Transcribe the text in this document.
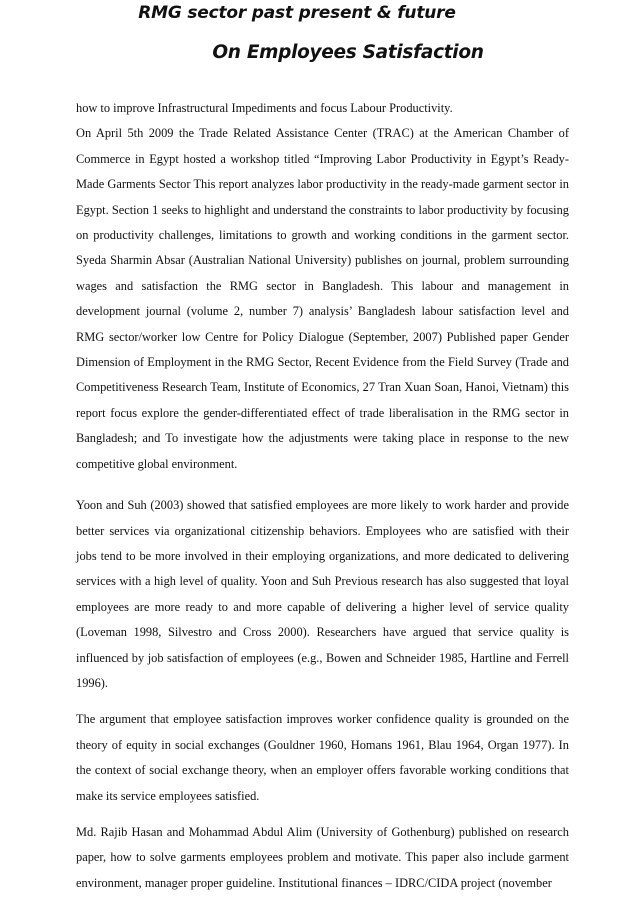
RMG sector past present & future
On Employees Satisfaction

how to improve Infrastructural Impediments and focus Labour Productivity.

On April 5th 2009 the Trade Related Assistance Center (TRAC) at the American Chamber of Commerce in Egypt hosted a workshop titled “Improving Labor Productivity in Egypt’s Ready-Made Garments Sector This report analyzes labor productivity in the ready-made garment sector in Egypt. Section 1 seeks to highlight and understand the constraints to labor productivity by focusing on productivity challenges, limitations to growth and working conditions in the garment sector. Syeda Sharmin Absar (Australian National University) publishes on journal, problem surrounding wages and satisfaction the RMG sector in Bangladesh. This labour and management in development journal (volume 2, number 7) analysis’ Bangladesh labour satisfaction level and RMG sector/worker low Centre for Policy Dialogue (September, 2007) Published paper Gender Dimension of Employment in the RMG Sector, Recent Evidence from the Field Survey (Trade and Competitiveness Research Team, Institute of Economics, 27 Tran Xuan Soan, Hanoi, Vietnam) this report focus explore the gender-differentiated effect of trade liberalisation in the RMG sector in Bangladesh; and To investigate how the adjustments were taking place in response to the new competitive global environment.

Yoon and Suh (2003) showed that satisfied employees are more likely to work harder and provide better services via organizational citizenship behaviors. Employees who are satisfied with their jobs tend to be more involved in their employing organizations, and more dedicated to delivering services with a high level of quality. Yoon and Suh Previous research has also suggested that loyal employees are more ready to and more capable of delivering a higher level of service quality (Loveman 1998, Silvestro and Cross 2000). Researchers have argued that service quality is influenced by job satisfaction of employees (e.g., Bowen and Schneider 1985, Hartline and Ferrell 1996).

The argument that employee satisfaction improves worker confidence quality is grounded on the theory of equity in social exchanges (Gouldner 1960, Homans 1961, Blau 1964, Organ 1977). In the context of social exchange theory, when an employer offers favorable working conditions that make its service employees satisfied.

Md. Rajib Hasan and Mohammad Abdul Alim (University of Gothenburg) published on research paper, how to solve garments employees problem and motivate. This paper also include garment environment, manager proper guideline. Institutional finances – IDRC/CIDA project (november
